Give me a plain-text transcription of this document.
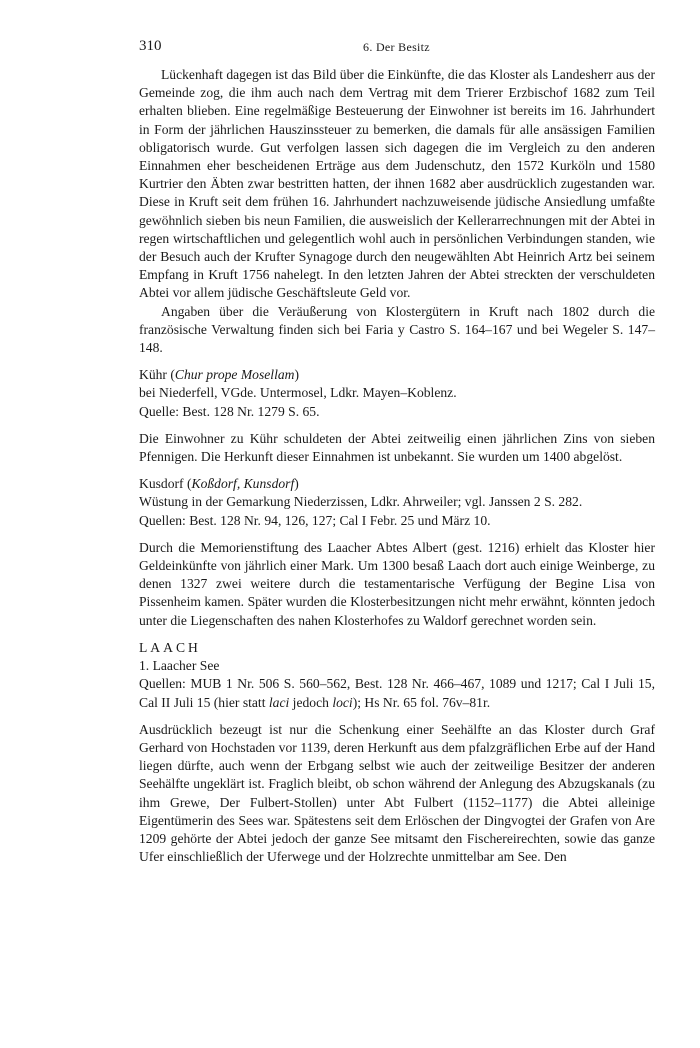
310	6. Der Besitz

Lückenhaft dagegen ist das Bild über die Einkünfte, die das Kloster als Landesherr aus der Gemeinde zog, die ihm auch nach dem Vertrag mit dem Trierer Erzbischof 1682 zum Teil erhalten blieben. Eine regelmäßige Besteuerung der Einwohner ist bereits im 16. Jahrhundert in Form der jährlichen Hauszinssteuer zu bemerken, die damals für alle ansässigen Familien obligatorisch wurde. Gut verfolgen lassen sich dagegen die im Vergleich zu den anderen Einnahmen eher bescheidenen Erträge aus dem Judenschutz, den 1572 Kurköln und 1580 Kurtrier den Äbten zwar bestritten hatten, der ihnen 1682 aber ausdrücklich zugestanden war. Diese in Kruft seit dem frühen 16. Jahrhundert nachzuweisende jüdische Ansiedlung umfaßte gewöhnlich sieben bis neun Familien, die ausweislich der Kellerarrechnungen mit der Abtei in regen wirtschaftlichen und gelegentlich wohl auch in persönlichen Verbindungen standen, wie der Besuch auch der Krufter Synagoge durch den neugewählten Abt Heinrich Artz bei seinem Empfang in Kruft 1756 nahelegt. In den letzten Jahren der Abtei streckten der verschuldeten Abtei vor allem jüdische Geschäftsleute Geld vor.

Angaben über die Veräußerung von Klostergütern in Kruft nach 1802 durch die französische Verwaltung finden sich bei Faria y Castro S. 164–167 und bei Wegeler S. 147–148.

Kühr (Chur prope Mosellam)

bei Niederfell, VGde. Untermosel, Ldkr. Mayen–Koblenz.

Quelle: Best. 128 Nr. 1279 S. 65.

Die Einwohner zu Kühr schuldeten der Abtei zeitweilig einen jährlichen Zins von sieben Pfennigen. Die Herkunft dieser Einnahmen ist unbekannt. Sie wurden um 1400 abgelöst.

Kusdorf (Koßdorf, Kunsdorf)

Wüstung in der Gemarkung Niederzissen, Ldkr. Ahrweiler; vgl. Janssen 2 S. 282.

Quellen: Best. 128 Nr. 94, 126, 127; Cal I Febr. 25 und März 10.

Durch die Memorienstiftung des Laacher Abtes Albert (gest. 1216) erhielt das Kloster hier Geldeinkünfte von jährlich einer Mark. Um 1300 besaß Laach dort auch einige Weinberge, zu denen 1327 zwei weitere durch die testamentarische Verfügung der Begine Lisa von Pissenheim kamen. Später wurden die Klosterbesitzungen nicht mehr erwähnt, könnten jedoch unter die Liegenschaften des nahen Klosterhofes zu Waldorf gerechnet worden sein.

LAACH

1. Laacher See

Quellen: MUB 1 Nr. 506 S. 560–562, Best. 128 Nr. 466–467, 1089 und 1217; Cal I Juli 15, Cal II Juli 15 (hier statt laci jedoch loci); Hs Nr. 65 fol. 76v–81r.

Ausdrücklich bezeugt ist nur die Schenkung einer Seehälfte an das Kloster durch Graf Gerhard von Hochstaden vor 1139, deren Herkunft aus dem pfalzgräflichen Erbe auf der Hand liegen dürfte, auch wenn der Erbgang selbst wie auch der zeitweilige Besitzer der anderen Seehälfte ungeklärt ist. Fraglich bleibt, ob schon während der Anlegung des Abzugskanals (zu ihm Grewe, Der Fulbert-Stollen) unter Abt Fulbert (1152–1177) die Abtei alleinige Eigentümerin des Sees war. Spätestens seit dem Erlöschen der Dingvogtei der Grafen von Are 1209 gehörte der Abtei jedoch der ganze See mitsamt den Fischereirechten, sowie das ganze Ufer einschließlich der Uferwege und der Holzrechte unmittelbar am See. Den
